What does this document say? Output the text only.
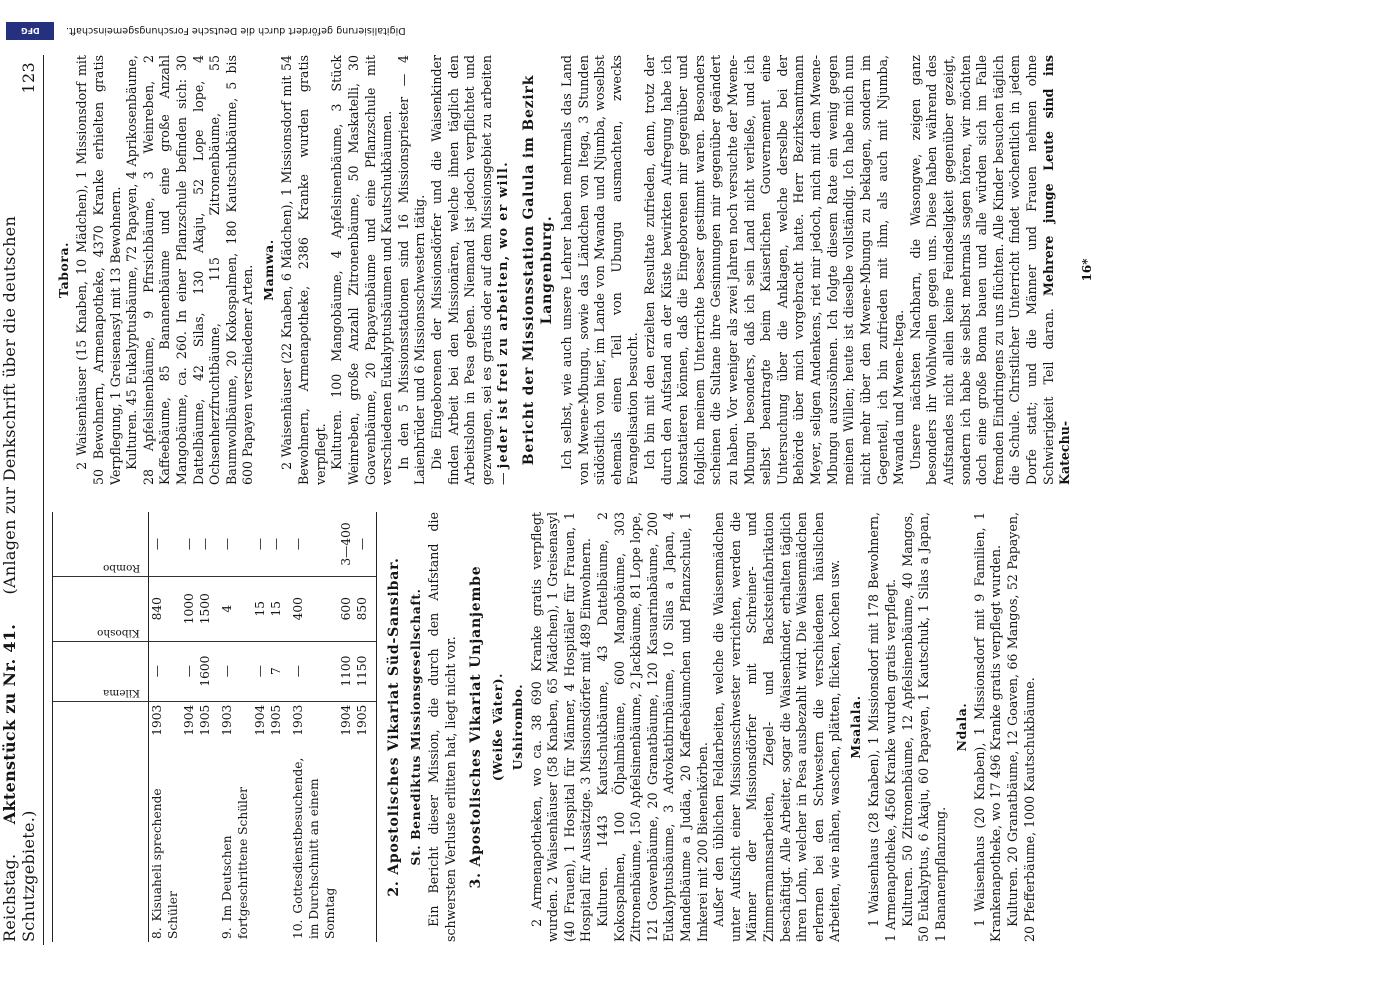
Reichstag. Aktenstück zu Nr. 41. (Anlagen zur Denkschrift über die deutschen Schutzgebiete.)
123
	Kilema	Kibosho	Rombo

8.Kisuaheli sprechende Schüler
1903	—	840	—

1904	—	1000	—

1905	1600	1500	—

9.Im Deutschen fortgeschrittene Schüler
1903	—	4	—

1904	—	15	—

1905	7	15	—

10.Gottesdienstbesuchende, im Durchschnitt an einem Sonntag
1903	—	400	—

1904	1100	600	3—400

1905	1150	850	—

2. Apostolisches Vikariat Süd-Sansibar. St. Benediktus Missionsgesellschaft. Ein Bericht dieser Mission, die durch den Aufstand die schwersten Verluste erlitten hat, liegt nicht vor. 3. Apostolisches Vikariat Unjanjembe (Weiße Väter). Ushirombo. 2 Armenapotheken, wo ca. 38 690 Kranke gratis verpflegt wurden. 2 Waisenhäuser (58 Knaben, 65 Mädchen), 1 Greisenasyl (40 Frauen), 1 Hospital für Männer, 4 Hospitäler für Frauen, 1 Hospital für Aussätzige. 3 Missionsdörfer mit 489 Einwohnern. Kulturen. 1443 Kautschukbäume, 43 Dattelbäume, 2 Kokospalmen, 100 Ölpalmbäume, 600 Mangobäume, 303 Zitronenbäume, 150 Apfelsinenbäume, 2 Jackbäume, 81 Lope lope, 121 Goavenbäume, 20 Granatbäume, 120 Kasuarinabäume, 200 Eukalyptusbäume, 3 Advokatbirnbäume, 10 Silas a Japan, 4 Mandelbäume a Judäa, 20 Kaffeebäumchen und Pflanzschule, 1 Imkerei mit 200 Bienenkörben. Außer den üblichen Feldarbeiten, welche die Waisenmädchen unter Aufsicht einer Missionsschwester verrichten, werden die Männer der Missionsdörfer mit Schreiner- und Zimmermannsarbeiten, Ziegel- und Backsteinfabrikation beschäftigt. Alle Arbeiter, sogar die Waisenkinder, erhalten täglich ihren Lohn, welcher in Pesa ausbezahlt wird. Die Waisenmädchen erlernen bei den Schwestern die verschiedenen häuslichen Arbeiten, wie nähen, waschen, plätten, flicken, kochen usw. Msalala. 1 Waisenhaus (28 Knaben), 1 Missionsdorf mit 178 Bewohnern, 1 Armenapotheke, 4560 Kranke wurden gratis verpflegt. Kulturen. 50 Zitronenbäume, 12 Apfelsinenbäume, 40 Mangos, 50 Eukalyptus, 6 Akaju, 60 Papayen, 1 Kautschuk, 1 Silas a Japan, 1 Bananenpflanzung.

Ndala. 1 Waisenhaus (20 Knaben), 1 Missionsdorf mit 9 Familien, 1 Krankenapotheke, wo 17 496 Kranke gratis verpflegt wurden. Kulturen. 20 Granatbäume, 12 Goaven, 66 Mangos, 52 Papayen, 20 Pfefferbäume, 1000 Kautschukbäume.

Tabora. 2 Waisenhäuser (15 Knaben, 10 Mädchen), 1 Missionsdorf mit 50 Bewohnern, Armenapotheke, 4370 Kranke erhielten gratis Verpflegung, 1 Greisenasyl mit 13 Bewohnern. Kulturen. 45 Eukalyptusbäume, 72 Papayen, 4 Aprikosenbäume, 28 Apfelsinenbäume, 9 Pfirsichbäume, 3 Weinreben, 2 Kaffeebäume, 85 Bananenbäume und eine große Anzahl Mangobäume, ca. 260. In einer Pflanzschule befinden sich: 30 Dattelbäume, 42 Silas, 130 Akaju, 52 Lope lope, 4 Ochsenherzfruchtbäume, 115 Zitronenbäume, 55 Baumwollbäume, 20 Kokospalmen, 180 Kautschukbäume, 5 bis 600 Papayen verschiedener Arten. Mamwa. 2 Waisenhäuser (22 Knaben, 6 Mädchen), 1 Missionsdorf mit 54 Bewohnern, Armenapotheke, 2386 Kranke wurden gratis verpflegt. Kulturen. 100 Mangobäume, 4 Apfelsinenbäume, 3 Stück Weinreben, große Anzahl Zitronenbäume, 50 Maskatelli, 30 Goavenbäume, 20 Papayenbäume und eine Pflanzschule mit verschiedenen Eukalyptusbäumen und Kautschukbäumen. In den 5 Missionsstationen sind 16 Missionspriester — 4 Laienbrüder und 6 Missionsschwestern tätig. Die Eingeborenen der Missionsdörfer und die Waisenkinder finden Arbeit bei den Missionären, welche ihnen täglich den Arbeitslohn in Pesa geben. Niemand ist jedoch verpflichtet und gezwungen, sei es gratis oder auf dem Missionsgebiet zu arbeiten — jeder ist frei zu arbeiten, wo er will. Bericht der Missionsstation Galula im Bezirk Langenburg. Ich selbst, wie auch unsere Lehrer haben mehrmals das Land von Mwene-Mbungu, sowie das Ländchen von Itega, 3 Stunden südöstlich von hier, im Lande von Mwanda und Njumba, woselbst ehemals einen Teil von Ubungu ausmachten, zwecks Evangelisation besucht. Ich bin mit den erzielten Resultate zufrieden, denn, trotz der durch den Aufstand an der Küste bewirkten Aufregung habe ich konstatieren können, daß die Eingeborenen mir gegenüber und folglich meinem Unterrichte besser gestimmt waren. Besonders scheinen die Sultane ihre Gesinnungen mir gegenüber geändert zu haben. Vor weniger als zwei Jahren noch versuchte der Mwene-Mbungu besonders, daß ich sein Land nicht verließe, und ich selbst beantragte beim Kaiserlichen Gouvernement eine Untersuchung über die Anklagen, welche derselbe bei der Behörde über mich vorgebracht hatte. Herr Bezirksamtmann Meyer, seligen Andenkens, riet mir jedoch, mich mit dem Mwene-Mbungu auszusöhnen. Ich folgte diesem Rate ein wenig gegen meinen Willen; heute ist dieselbe vollständig. Ich habe mich nun nicht mehr über den Mwene-Mbungu zu beklagen, sondern im Gegenteil, ich bin zufrieden mit ihm, als auch mit Njumba, Mwanda und Mwene-Itega. Unsere nächsten Nachbarn, die Wasongwe, zeigen ganz besonders ihr Wohlwollen gegen uns. Diese haben während des Aufstandes nicht allein keine Feindseligkeit gegenüber gezeigt, sondern ich habe sie selbst mehrmals sagen hören, wir möchten doch eine große Boma bauen und alle würden sich im Falle fremden Eindringens zu uns flüchten. Alle Kinder besuchen täglich die Schule. Christlicher Unterricht findet wöchentlich in jedem Dorfe statt; und die Männer und Frauen nehmen ohne Schwierigkeit Teil daran. Mehrere junge Leute sind ins Katechu-

16*

DFG	Digitalisierung gefördert durch die Deutsche Forschungsgemeinschaft.
